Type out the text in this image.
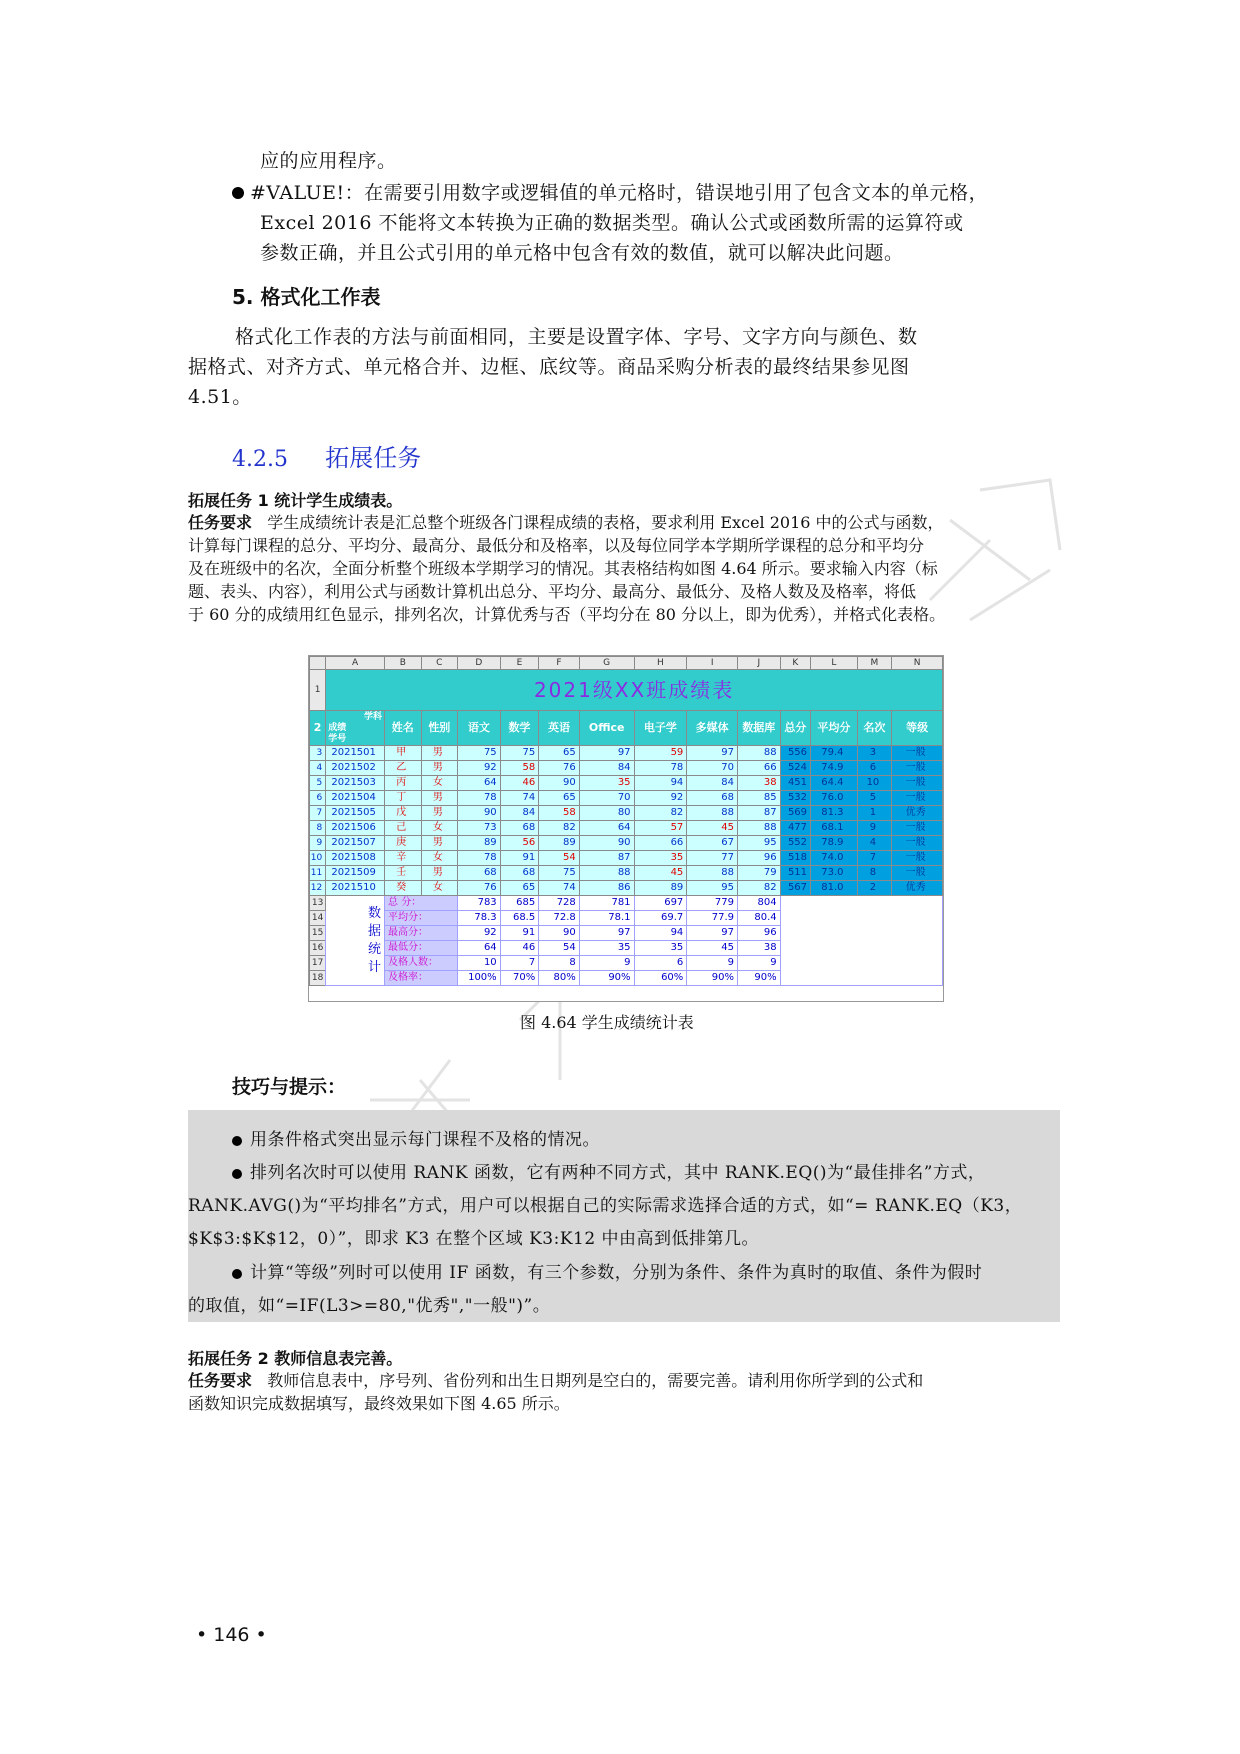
应的应用程序。

#VALUE!：在需要引用数字或逻辑值的单元格时，错误地引用了包含文本的单元格，

Excel 2016 不能将文本转换为正确的数据类型。确认公式或函数所需的运算符或

参数正确，并且公式引用的单元格中包含有效的数值，就可以解决此问题。

5. 格式化工作表

格式化工作表的方法与前面相同，主要是设置字体、字号、文字方向与颜色、数

据格式、对齐方式、单元格合并、边框、底纹等。商品采购分析表的最终结果参见图

4.51。

4.2.5 拓展任务

拓展任务 1 统计学生成绩表。

任务要求 学生成绩统计表是汇总整个班级各门课程成绩的表格，要求利用 Excel 2016 中的公式与函数，

计算每门课程的总分、平均分、最高分、最低分和及格率，以及每位同学本学期所学课程的总分和平均分

及在班级中的名次，全面分析整个班级本学期学习的情况。其表格结构如图 4.64 所示。要求输入内容（标

题、表头、内容），利用公式与函数计算机出总分、平均分、最高分、最低分、及格人数及及格率，将低

于 60 分的成绩用红色显示，排列名次，计算优秀与否（平均分在 80 分以上，即为优秀），并格式化表格。

	A	B	C	D	E	F	G	H	I	J	K	L	M	N
1	2021级XX班成绩表													
2	学科
成绩
学号	姓名	性别	语文	数学	英语	Office	电子学	多媒体	数据库	总分	平均分	名次	等级
3	2021501	甲	男	75	75	65	97	59	97	88	556	79.4	3	一般
4	2021502	乙	男	92	58	76	84	78	70	66	524	74.9	6	一般
5	2021503	丙	女	64	46	90	35	94	84	38	451	64.4	10	一般
6	2021504	丁	男	78	74	65	70	92	68	85	532	76.0	5	一般
7	2021505	戊	男	90	84	58	80	82	88	87	569	81.3	1	优秀
8	2021506	己	女	73	68	82	64	57	45	88	477	68.1	9	一般
9	2021507	庚	男	89	56	89	90	66	67	95	552	78.9	4	一般
10	2021508	辛	女	78	91	54	87	35	77	96	518	74.0	7	一般
11	2021509	壬	男	68	68	75	88	45	88	79	511	73.0	8	一般
12	2021510	癸	女	76	65	74	86	89	95	82	567	81.0	2	优秀
13	数
据
统
计	总 分：		783	685	728	781	697	779	804				
14		平均分：		78.3	68.5	72.8	78.1	69.7	77.9	80.4				
15		最高分：		92	91	90	97	94	97	96				
16		最低分：		64	46	54	35	35	45	38				
17		及格人数：		10	7	8	9	6	9	9				
18		及格率：		100%	70%	80%	90%	60%	90%	90%				

图 4.64 学生成绩统计表

技巧与提示：

用条件格式突出显示每门课程不及格的情况。
排列名次时可以使用 RANK 函数，它有两种不同方式，其中 RANK.EQ()为“最佳排名”方式，
RANK.AVG()为“平均排名”方式，用户可以根据自己的实际需求选择合适的方式，如“= RANK.EQ（K3，
$K$3:$K$12，0）”，即求 K3 在整个区域 K3:K12 中由高到低排第几。
计算“等级”列时可以使用 IF 函数，有三个参数，分别为条件、条件为真时的取值、条件为假时
的取值，如“=IF(L3>=80,"优秀","一般")”。

拓展任务 2 教师信息表完善。

任务要求 教师信息表中，序号列、省份列和出生日期列是空白的，需要完善。请利用你所学到的公式和

函数知识完成数据填写，最终效果如下图 4.65 所示。

• 146 •
